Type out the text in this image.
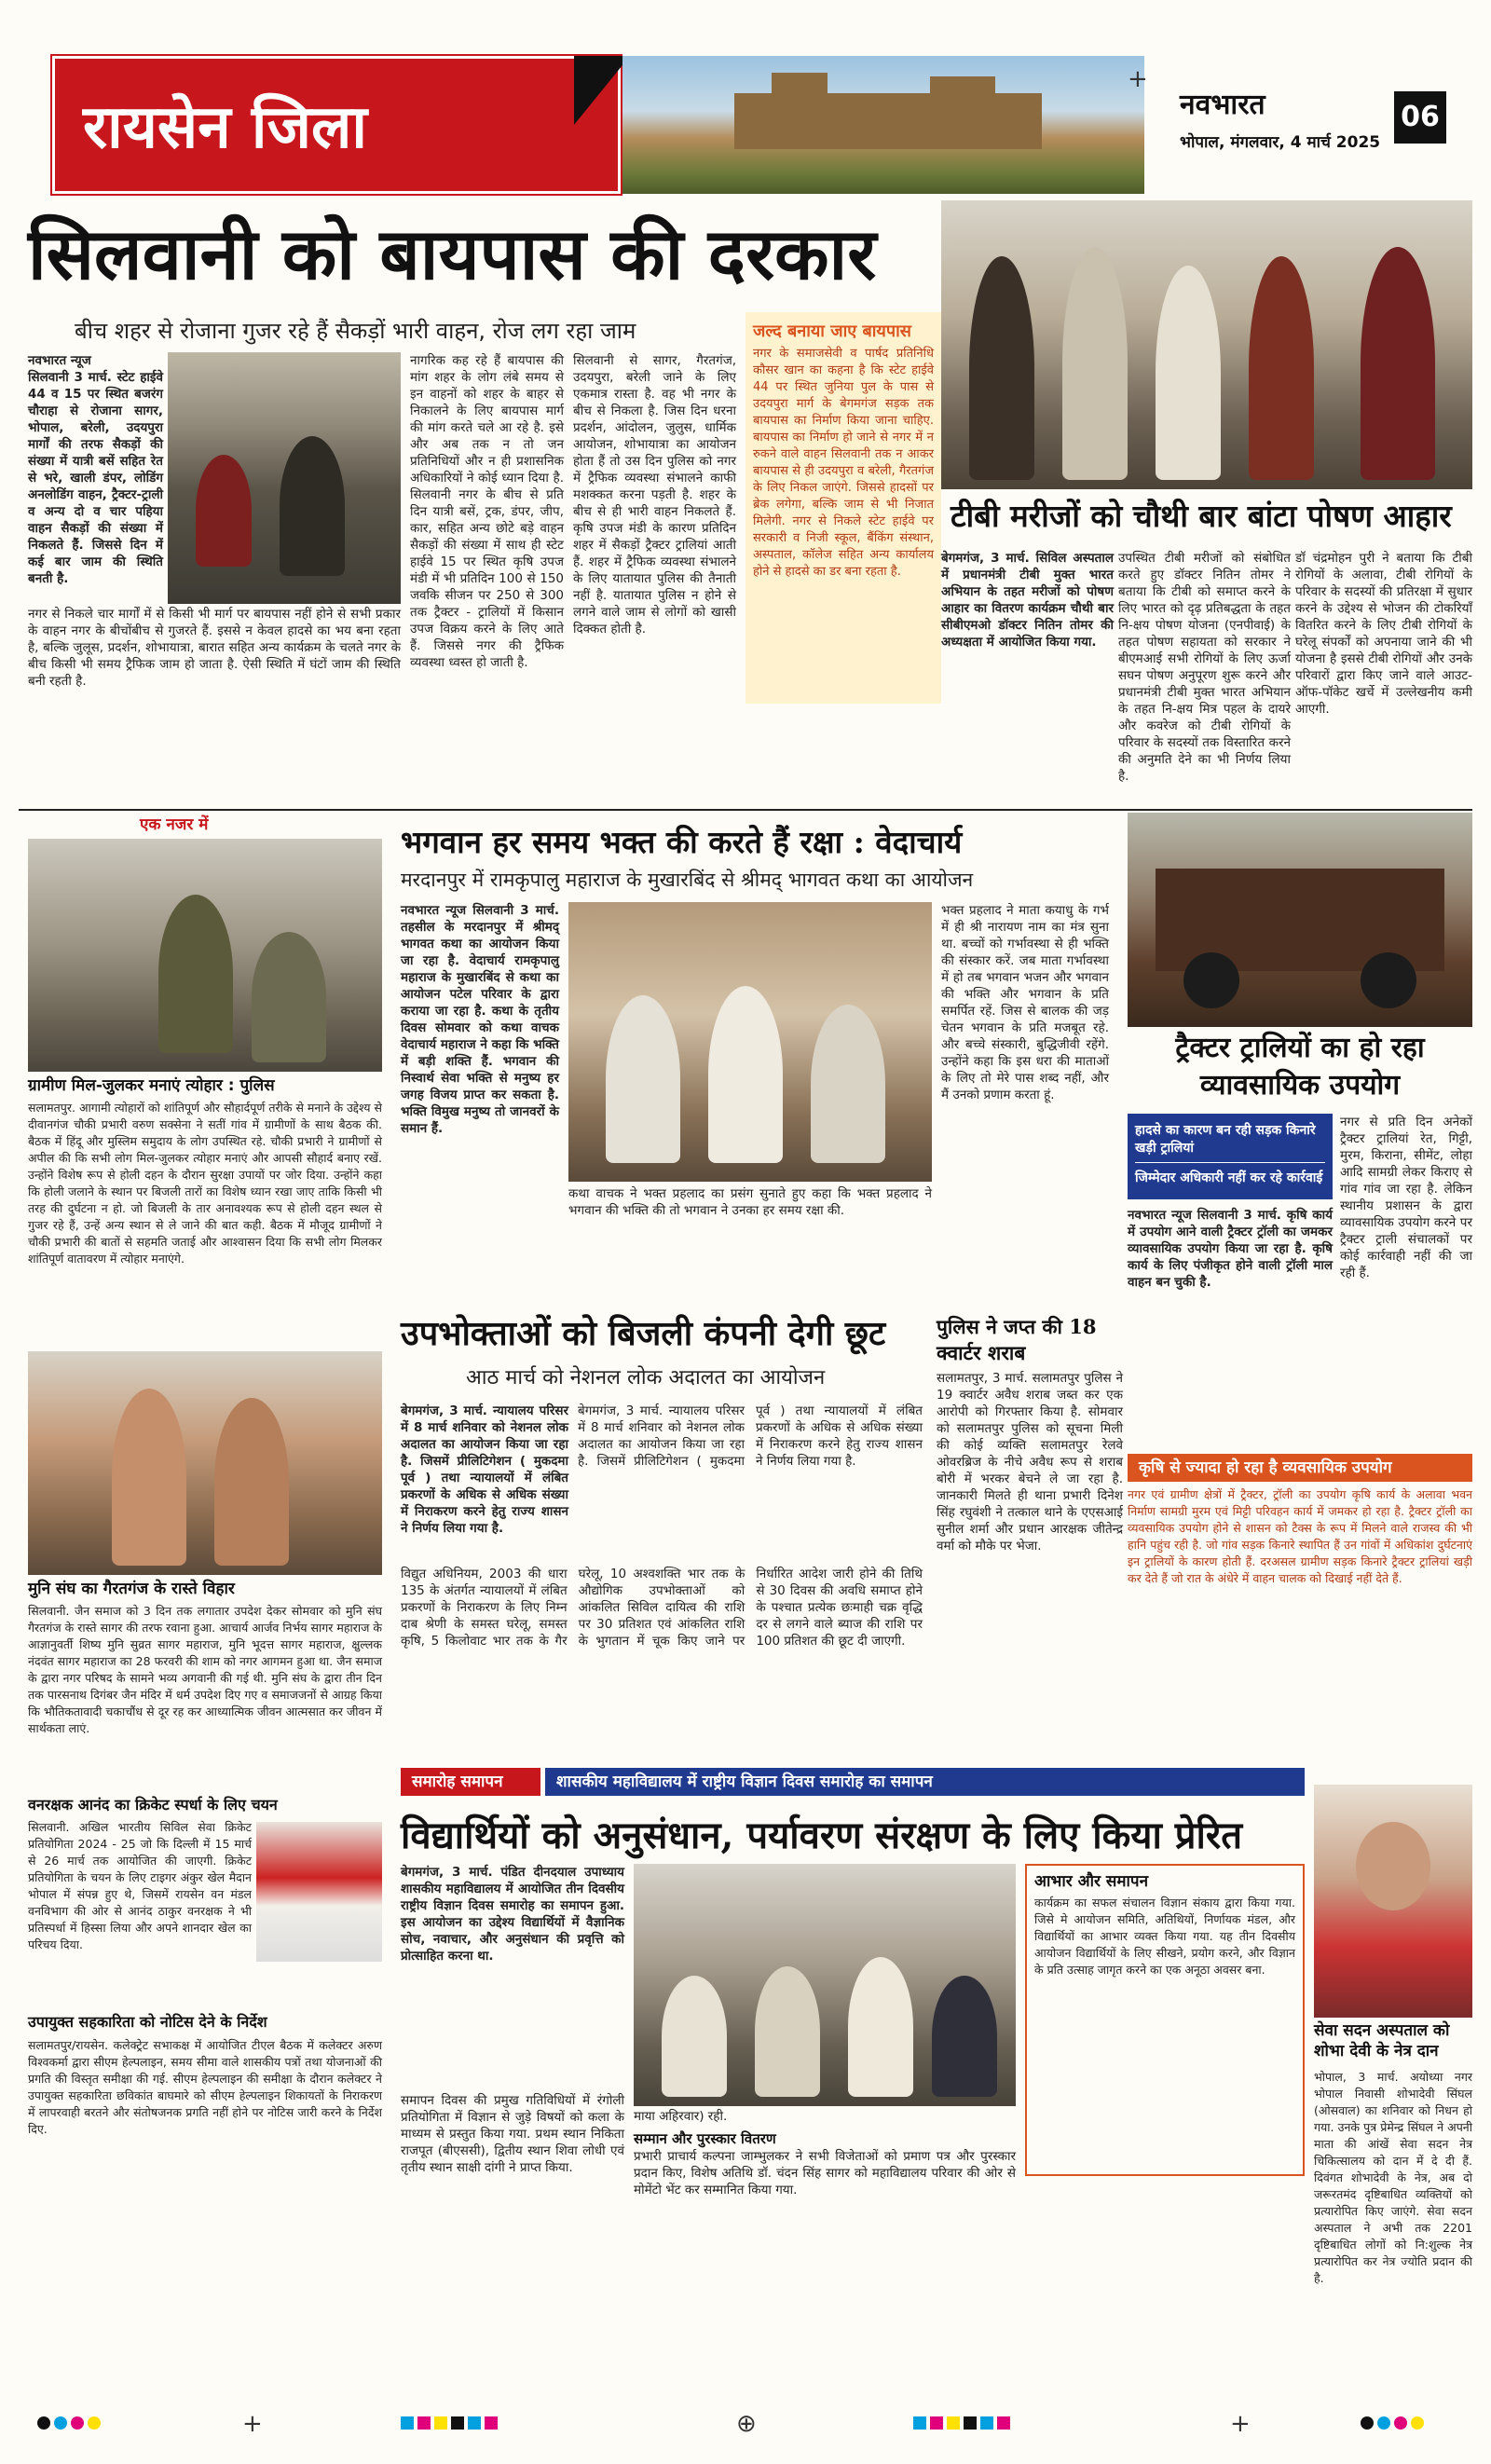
रायसेन जिला	नवभारत
भोपाल, मंगलवार, 4 मार्च 2025
06
+
सिलवानी को बायपास की दरकार
बीच शहर से रोजाना गुजर रहे हैं सैकड़ों भारी वाहन, रोज लग रहा जाम
नवभारत न्यूज
सिलवानी 3 मार्च. स्टेट हाईवे 44 व 15 पर स्थित बजरंग चौराहा से रोजाना सागर, भोपाल, बरेली, उदयपुरा मार्गों की तरफ सैकड़ों की संख्या में यात्री बसें सहित रेत से भरे, खाली डंपर, लोडिंग अनलोडिंग वाहन, ट्रैक्टर-ट्राली व अन्य दो व चार पहिया वाहन सैकड़ों की संख्या में निकलते हैं. जिससे दिन में कई बार जाम की स्थिति बनती है.
नगर से निकले चार मार्गों में से किसी भी मार्ग पर बायपास नहीं होने से सभी प्रकार के वाहन नगर के बीचोंबीच से गुजरते हैं. इससे न केवल हादसे का भय बना रहता है, बल्कि जुलूस, प्रदर्शन, शोभायात्रा, बारात सहित अन्य कार्यक्रम के चलते नगर के बीच किसी भी समय ट्रैफिक जाम हो जाता है. ऐसी स्थिति में घंटों जाम की स्थिति बनी रहती है.
नागरिक कह रहे हैं बायपास की मांग शहर के लोग लंबे समय से इन वाहनों को शहर के बाहर से निकालने के लिए बायपास मार्ग की मांग करते चले आ रहे है. इसे और अब तक न तो जन प्रतिनिधियों और न ही प्रशासनिक अधिकारियों ने कोई ध्यान दिया है. सिलवानी नगर के बीच से प्रति दिन यात्री बसें, ट्रक, डंपर, जीप, कार, सहित अन्य छोटे बड़े वाहन सैकड़ों की संख्या में साथ ही स्टेट हाईवे 15 पर स्थित कृषि उपज मंडी में भी प्रतिदिन 100 से 150 जवकि सीजन पर 250 से 300 तक ट्रैक्टर - ट्रालियों में किसान उपज विक्रय करने के लिए आते हैं. जिससे नगर की ट्रैफिक व्यवस्था ध्वस्त हो जाती है.
सिलवानी से सागर, गैरतगंज, उदयपुरा, बरेली जाने के लिए एकमात्र रास्ता है. वह भी नगर के बीच से निकला है. जिस दिन धरना प्रदर्शन, आंदोलन, जुलुस, धार्मिक आयोजन, शोभायात्रा का आयोजन होता हैं तो उस दिन पुलिस को नगर में ट्रैफिक व्यवस्था संभालने काफी मशक्कत करना पड़ती है. शहर के बीच से ही भारी वाहन निकलते हैं. कृषि उपज मंडी के कारण प्रतिदिन शहर में सैकड़ों ट्रैक्टर ट्रालियां आती हैं. शहर में ट्रैफिक व्यवस्था संभालने के लिए यातायात पुलिस की तैनाती नहीं है. यातायात पुलिस न होने से लगने वाले जाम से लोगों को खासी दिक्कत होती है.
जल्द बनाया जाए बायपास
नगर के समाजसेवी व पार्षद प्रतिनिधि कौसर खान का कहना है कि स्टेट हाईवे 44 पर स्थित जुनिया पुल के पास से उदयपुरा मार्ग के बेगमगंज सड़क तक बायपास का निर्माण किया जाना चाहिए. बायपास का निर्माण हो जाने से नगर में न रुकने वाले वाहन सिलवानी तक न आकर बायपास से ही उदयपुरा व बरेली, गैरतगंज के लिए निकल जाएंगे. जिससे हादसों पर ब्रेक लगेगा, बल्कि जाम से भी निजात मिलेगी. नगर से निकले स्टेट हाईवे पर सरकारी व निजी स्कूल, बैंकिंग संस्थान, अस्पताल, कॉलेज सहित अन्य कार्यालय होने से हादसे का डर बना रहता है.
टीबी मरीजों को चौथी बार बांटा पोषण आहार
बेगमगंज, 3 मार्च. सिविल अस्पताल में प्रधानमंत्री टीबी मुक्त भारत अभियान के तहत मरीजों को पोषण आहार का वितरण कार्यक्रम चौथी बार सीबीएमओ डॉक्टर नितिन तोमर की अध्यक्षता में आयोजित किया गया.
उपस्थित टीबी मरीजों को संबोधित करते हुए डॉक्टर नितिन तोमर ने बताया कि टीबी को समाप्त करने के लिए भारत को दृढ़ प्रतिबद्धता के तहत नि-क्षय पोषण योजना (एनपीवाई) के तहत पोषण सहायता को सरकार ने बीएमआई सभी रोगियों के लिए ऊर्जा सघन पोषण अनुपूरण शुरू करने और प्रधानमंत्री टीबी मुक्त भारत अभियान के तहत नि-क्षय मित्र पहल के दायरे और कवरेज को टीबी रोगियों के परिवार के सदस्यों तक विस्तारित करने की अनुमति देने का भी निर्णय लिया है.
डॉ चंद्रमोहन पुरी ने बताया कि टीबी रोगियों के अलावा, टीबी रोगियों के परिवार के सदस्यों की प्रतिरक्षा में सुधार करने के उद्देश्य से भोजन की टोकरियाँ वितरित करने के लिए टीबी रोगियों के घरेलू संपर्कों को अपनाया जाने की भी योजना है इससे टीबी रोगियों और उनके परिवारों द्वारा किए जाने वाले आउट-ऑफ-पॉकेट खर्चे में उल्लेखनीय कमी आएगी.
एक नजर में
ग्रामीण मिल-जुलकर मनाएं त्योहार : पुलिस
सलामतपुर. आगामी त्योहारों को शांतिपूर्ण और सौहार्दपूर्ण तरीके से मनाने के उद्देश्य से दीवानगंज चौकी प्रभारी वरुण सक्सेना ने सतीं गांव में ग्रामीणों के साथ बैठक की. बैठक में हिंदू और मुस्लिम समुदाय के लोग उपस्थित रहे. चौकी प्रभारी ने ग्रामीणों से अपील की कि सभी लोग मिल-जुलकर त्योहार मनाएं और आपसी सौहार्द बनाए रखें. उन्होंने विशेष रूप से होली दहन के दौरान सुरक्षा उपायों पर जोर दिया. उन्होंने कहा कि होली जलाने के स्थान पर बिजली तारों का विशेष ध्यान रखा जाए ताकि किसी भी तरह की दुर्घटना न हो. जो बिजली के तार अनावश्यक रूप से होली दहन स्थल से गुजर रहे हैं, उन्हें अन्य स्थान से ले जाने की बात कही. बैठक में मौजूद ग्रामीणों ने चौकी प्रभारी की बातों से सहमति जताई और आश्वासन दिया कि सभी लोग मिलकर शांतिपूर्ण वातावरण में त्योहार मनाएंगे.
मुनि संघ का गैरतगंज के रास्ते विहार
सिलवानी. जैन समाज को 3 दिन तक लगातार उपदेश देकर सोमवार को मुनि संघ गैरतगंज के रास्ते सागर की तरफ रवाना हुआ. आचार्य आर्जव निर्भय सागर महाराज के आज्ञानुवर्ती शिष्य मुनि सुव्रत सागर महाराज, मुनि भूदत्त सागर महाराज, क्षुल्लक नंदवंत सागर महाराज का 28 फरवरी की शाम को नगर आगमन हुआ था. जैन समाज के द्वारा नगर परिषद के सामने भव्य अगवानी की गई थी. मुनि संघ के द्वारा तीन दिन तक पारसनाथ दिगंबर जैन मंदिर में धर्म उपदेश दिए गए व समाजजनों से आग्रह किया कि भौतिकतावादी चकाचौंध से दूर रह कर आध्यात्मिक जीवन आत्मसात कर जीवन में सार्थकता लाएं.
वनरक्षक आनंद का क्रिकेट स्पर्धा के लिए चयन
सिलवानी. अखिल भारतीय सिविल सेवा क्रिकेट प्रतियोगिता 2024 - 25 जो कि दिल्ली में 15 मार्च से 26 मार्च तक आयोजित की जाएगी. क्रिकेट प्रतियोगिता के चयन के लिए टाइगर अंकुर खेल मैदान भोपाल में संपन्न हुए थे, जिसमें रायसेन वन मंडल वनविभाग की ओर से आनंद ठाकुर वनरक्षक ने भी प्रतिस्पर्धा में हिस्सा लिया और अपने शानदार खेल का परिचय दिया.
उपायुक्त सहकारिता को नोटिस देने के निर्देश
सलामतपुर/रायसेन. कलेक्ट्रेट सभाकक्ष में आयोजित टीएल बैठक में कलेक्टर अरुण विश्वकर्मा द्वारा सीएम हेल्पलाइन, समय सीमा वाले शासकीय पत्रों तथा योजनाओं की प्रगति की विस्तृत समीक्षा की गई. सीएम हेल्पलाइन की समीक्षा के दौरान कलेक्टर ने उपायुक्त सहकारिता छविकांत बाघमारे को सीएम हेल्पलाइन शिकायतों के निराकरण में लापरवाही बरतने और संतोषजनक प्रगति नहीं होने पर नोटिस जारी करने के निर्देश दिए.
भगवान हर समय भक्त की करते हैं रक्षा : वेदाचार्य
मरदानपुर में रामकृपालु महाराज के मुखारबिंद से श्रीमद् भागवत कथा का आयोजन
नवभारत न्यूज सिलवानी 3 मार्च. तहसील के मरदानपुर में श्रीमद् भागवत कथा का आयोजन किया जा रहा है. वेदाचार्य रामकृपालु महाराज के मुखारबिंद से कथा का आयोजन पटेल परिवार के द्वारा कराया जा रहा है. कथा के तृतीय दिवस सोमवार को कथा वाचक वेदाचार्य महाराज ने कहा कि भक्ति में बड़ी शक्ति हैं. भगवान की निस्वार्थ सेवा भक्ति से मनुष्य हर जगह विजय प्राप्त कर सकता है. भक्ति विमुख मनुष्य तो जानवरों के समान हैं.
कथा वाचक ने भक्त प्रहलाद का प्रसंग सुनाते हुए कहा कि भक्त प्रहलाद ने भगवान की भक्ति की तो भगवान ने उनका हर समय रक्षा की.
भक्त प्रहलाद ने माता कयाधु के गर्भ में ही श्री नारायण नाम का मंत्र सुना था. बच्चों को गर्भावस्था से ही भक्ति की संस्कार करें. जब माता गर्भावस्था में हो तब भगवान भजन और भगवान की भक्ति और भगवान के प्रति समर्पित रहें. जिस से बालक की जड़ चेतन भगवान के प्रति मजबूत रहे. और बच्चे संस्कारी, बुद्धिजीवी रहेंगे. उन्होंने कहा कि इस धरा की माताओं के लिए तो मेरे पास शब्द नहीं, और मैं उनको प्रणाम करता हूं.
ट्रैक्टर ट्रालियों का हो रहा व्यावसायिक उपयोग
हादसे का कारण बन रही सड़क किनारे खड़ी ट्रालियां
जिम्मेदार अधिकारी नहीं कर रहे कार्रवाई
नगर से प्रति दिन अनेकों ट्रैक्टर ट्रालियां रेत, गिट्टी, मुरम, किराना, सीमेंट, लोहा आदि सामग्री लेकर किराए से गांव गांव जा रहा है. लेकिन स्थानीय प्रशासन के द्वारा व्यावसायिक उपयोग करने पर ट्रैक्टर ट्राली संचालकों पर कोई कार्रवाही नहीं की जा रही हैं.
नवभारत न्यूज सिलवानी 3 मार्च. कृषि कार्य में उपयोग आने वाली ट्रैक्टर ट्रॉली का जमकर व्यावसायिक उपयोग किया जा रहा है. कृषि कार्य के लिए पंजीकृत होने वाली ट्रॉली माल वाहन बन चुकी है.
कृषि से ज्यादा हो रहा है व्यवसायिक उपयोग
नगर एवं ग्रामीण क्षेत्रों में ट्रैक्टर, ट्रॉली का उपयोग कृषि कार्य के अलावा भवन निर्माण सामग्री मुरम एवं मिट्टी परिवहन कार्य में जमकर हो रहा है. ट्रैक्टर ट्रॉली का व्यवसायिक उपयोग होने से शासन को टैक्स के रूप में मिलने वाले राजस्व की भी हानि पहुंच रही है. जो गांव सड़क किनारे स्थापित हैं उन गांवों में अधिकांश दुर्घटनाएं इन ट्रालियों के कारण होती हैं. दरअसल ग्रामीण सड़क किनारे ट्रैक्टर ट्रालियां खड़ी कर देते हैं जो रात के अंधेरे में वाहन चालक को दिखाई नहीं देते हैं.
उपभोक्ताओं को बिजली कंपनी देगी छूट
आठ मार्च को नेशनल लोक अदालत का आयोजन
बेगमगंज, 3 मार्च. न्यायालय परिसर में 8 मार्च शनिवार को नेशनल लोक अदालत का आयोजन किया जा रहा है. जिसमें प्रीलिटिगेशन ( मुकदमा पूर्व ) तथा न्यायालयों में लंबित प्रकरणों के अधिक से अधिक संख्या में निराकरण करने हेतु राज्य शासन ने निर्णय लिया गया है.
विद्युत अधिनियम, 2003 की धारा 135 के अंतर्गत न्यायालयों में लंबित प्रकरणों के निराकरण के लिए निम्न दाब श्रेणी के समस्त घरेलू, समस्त कृषि, 5 किलोवाट भार तक के गैर घरेलू, 10 अश्वशक्ति भार तक के औद्योगिक उपभोक्ताओं को आंकलित सिविल दायित्व की राशि पर 30 प्रतिशत एवं आंकलित राशि के भुगतान में चूक किए जाने पर निर्धारित आदेश जारी होने की तिथि से 30 दिवस की अवधि समाप्त होने के पश्चात प्रत्येक छःमाही चक्र वृद्धि दर से लगने वाले ब्याज की राशि पर 100 प्रतिशत की छूट दी जाएगी.
बेगमगंज, 3 मार्च. न्यायालय परिसर में 8 मार्च शनिवार को नेशनल लोक अदालत का आयोजन किया जा रहा है. जिसमें प्रीलिटिगेशन ( मुकदमा पूर्व ) तथा न्यायालयों में लंबित प्रकरणों के अधिक से अधिक संख्या में निराकरण करने हेतु राज्य शासन ने निर्णय लिया गया है.
पुलिस ने जप्त की 18 क्वार्टर शराब
सलामतपुर, 3 मार्च. सलामतपुर पुलिस ने 19 क्वार्टर अवैध शराब जब्त कर एक आरोपी को गिरफ्तार किया है. सोमवार को सलामतपुर पुलिस को सूचना मिली की कोई व्यक्ति सलामतपुर रेलवे ओवरब्रिज के नीचे अवैध रूप से शराब बोरी में भरकर बेचने ले जा रहा है. जानकारी मिलते ही थाना प्रभारी दिनेश सिंह रघुवंशी ने तत्काल थाने के एएसआई सुनील शर्मा और प्रधान आरक्षक जीतेन्द्र वर्मा को मौके पर भेजा.
समारोह समापन	शासकीय महाविद्यालय में राष्ट्रीय विज्ञान दिवस समारोह का समापन
विद्यार्थियों को अनुसंधान, पर्यावरण संरक्षण के लिए किया प्रेरित
बेगमगंज, 3 मार्च. पंडित दीनदयाल उपाध्याय शासकीय महाविद्यालय में आयोजित तीन दिवसीय राष्ट्रीय विज्ञान दिवस समारोह का समापन हुआ. इस आयोजन का उद्देश्य विद्यार्थियों में वैज्ञानिक सोच, नवाचार, और अनुसंधान की प्रवृत्ति को प्रोत्साहित करना था.
आभार और समापन
कार्यक्रम का सफल संचालन विज्ञान संकाय द्वारा किया गया. जिसे मे आयोजन समिति, अतिथियों, निर्णायक मंडल, और विद्यार्थियों का आभार व्यक्त किया गया. यह तीन दिवसीय आयोजन विद्यार्थियों के लिए सीखने, प्रयोग करने, और विज्ञान के प्रति उत्साह जागृत करने का एक अनूठा अवसर बना.
समापन दिवस की प्रमुख गतिविधियों में रंगोली प्रतियोगिता में विज्ञान से जुड़े विषयों को कला के माध्यम से प्रस्तुत किया गया. प्रथम स्थान निकिता राजपूत (बीएससी), द्वितीय स्थान शिवा लोधी एवं तृतीय स्थान साक्षी दांगी ने प्राप्त किया.
माया अहिरवार) रही.
सम्मान और पुरस्कार वितरण
प्रभारी प्राचार्य कल्पना जाम्भुलकर ने सभी विजेताओं को प्रमाण पत्र और पुरस्कार प्रदान किए, विशेष अतिथि डॉ. चंदन सिंह सागर को महाविद्यालय परिवार की ओर से मोमेंटो भेंट कर सम्मानित किया गया.
सेवा सदन अस्पताल को शोभा देवी के नेत्र दान
भोपाल, 3 मार्च. अयोध्या नगर भोपाल निवासी शोभादेवी सिंघल (ओसवाल) का शनिवार को निधन हो गया. उनके पुत्र प्रेमेन्द्र सिंघल ने अपनी माता की आंखें सेवा सदन नेत्र चिकित्सालय को दान में दे दी हैं. दिवंगत शोभादेवी के नेत्र, अब दो जरूरतमंद दृष्टिबाधित व्यक्तियों को प्रत्यारोपित किए जाएंगे. सेवा सदन अस्पताल ने अभी तक 2201 दृष्टिबाधित लोगों को नि:शुल्क नेत्र प्रत्यारोपित कर नेत्र ज्योति प्रदान की है.
+	⊕	+
